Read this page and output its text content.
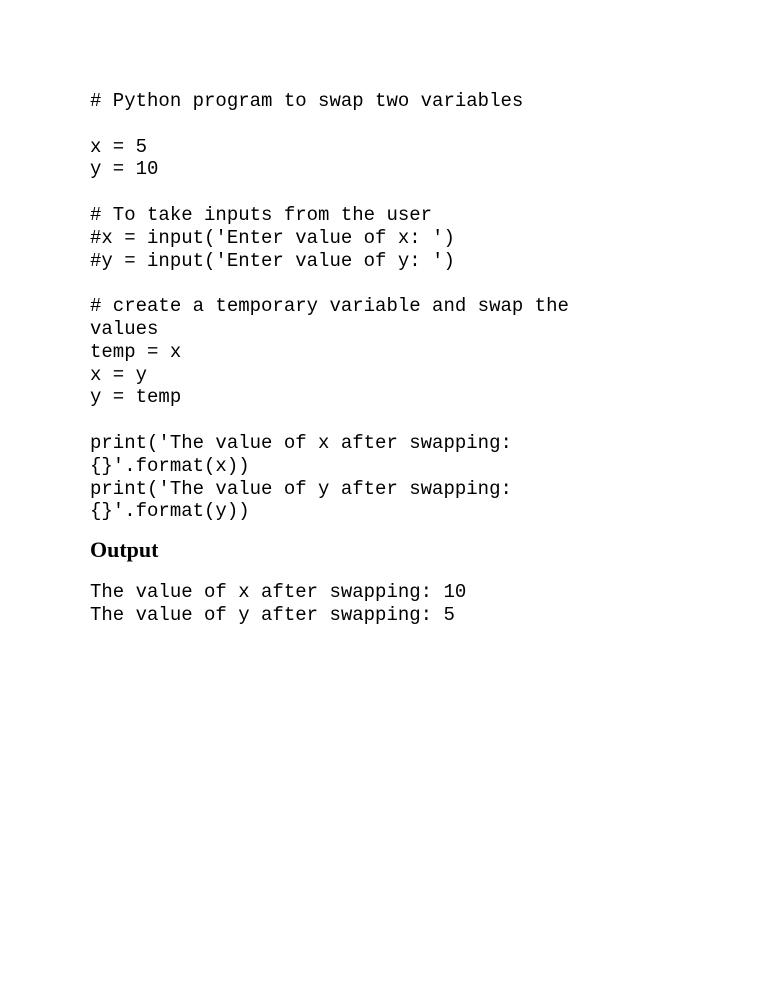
# Python program to swap two variables
x = 5
y = 10
# To take inputs from the user
#x = input('Enter value of x: ')
#y = input('Enter value of y: ')
# create a temporary variable and swap the
values
temp = x
x = y
y = temp
print('The value of x after swapping:
{}'.format(x))
print('The value of y after swapping:
{}'.format(y))
Output
The value of x after swapping: 10
The value of y after swapping: 5
